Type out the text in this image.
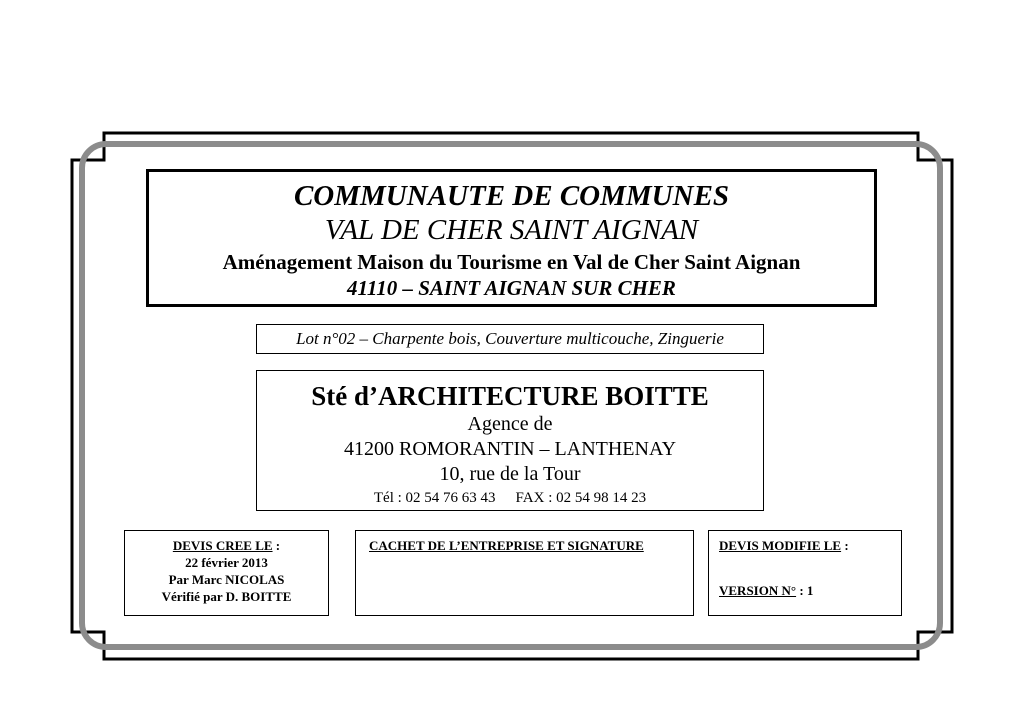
COMMUNAUTE DE COMMUNES
VAL DE CHER SAINT AIGNAN
Aménagement Maison du Tourisme en Val de Cher Saint Aignan
41110 – SAINT AIGNAN SUR CHER
Lot n°02 – Charpente bois, Couverture multicouche, Zinguerie
Sté d’ARCHITECTURE BOITTE
Agence de
41200 ROMORANTIN – LANTHENAY
10, rue de la Tour
Tél : 02 54 76 63 43 FAX : 02 54 98 14 23
DEVIS CREE LE :
22 février 2013
Par Marc NICOLAS
Vérifié par D. BOITTE
CACHET DE L’ENTREPRISE ET SIGNATURE	DEVIS MODIFIE LE :
VERSION N° : 1
